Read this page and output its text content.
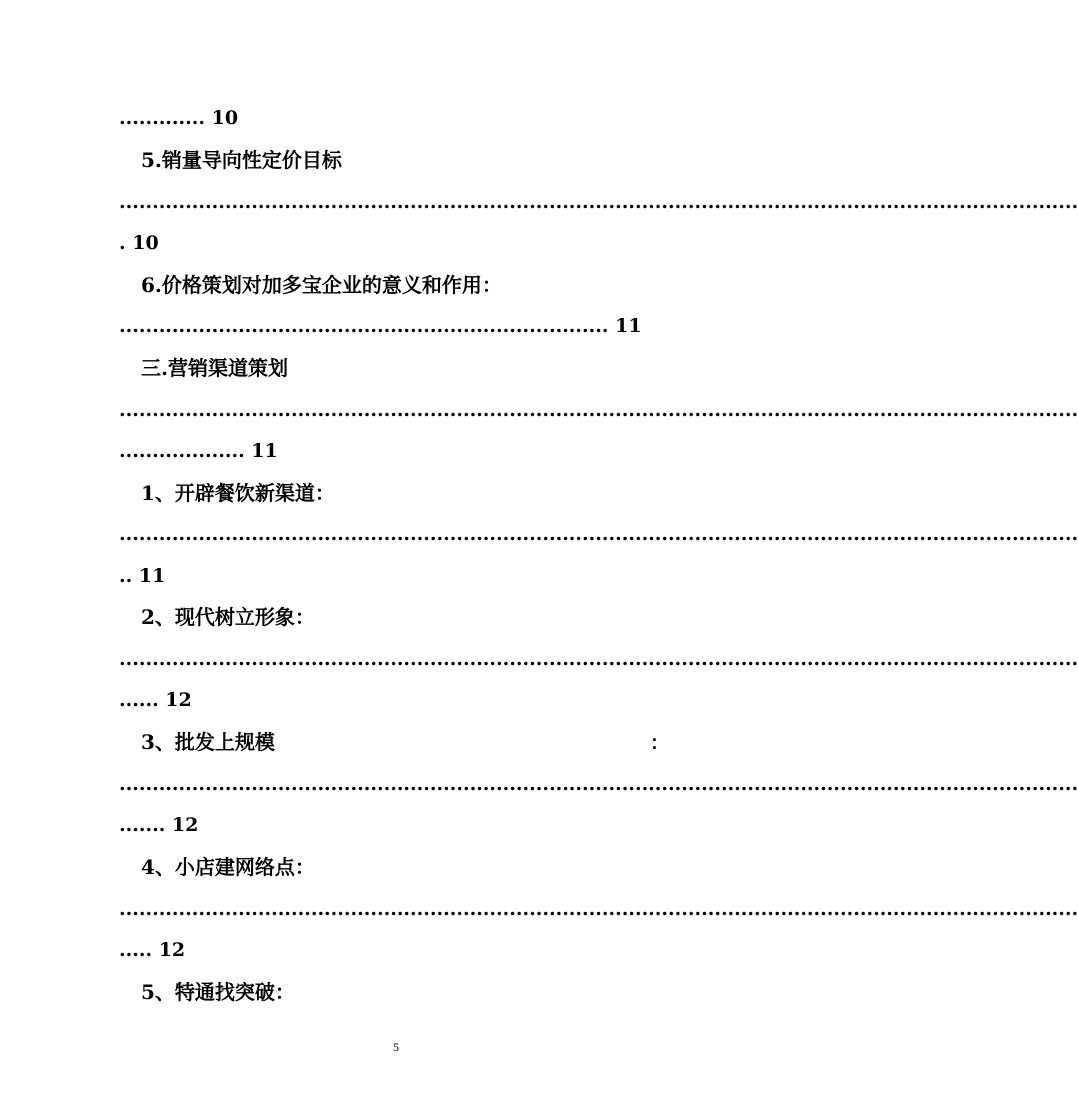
............. 10
5.销量导向性定价目标
.................................................................................................................................................
. 10
6.价格策划对加多宝企业的意义和作用：
.......................................................................... 11
三.营销渠道策划
.................................................................................................................................................
................... 11
1、开辟餐饮新渠道：
.................................................................................................................................................
.. 11
2、现代树立形象：
.................................................................................................................................................
...... 12
3、批发上规模	：
.................................................................................................................................................
....... 12
4、小店建网络点：
.................................................................................................................................................
..... 12
5、特通找突破：
5
